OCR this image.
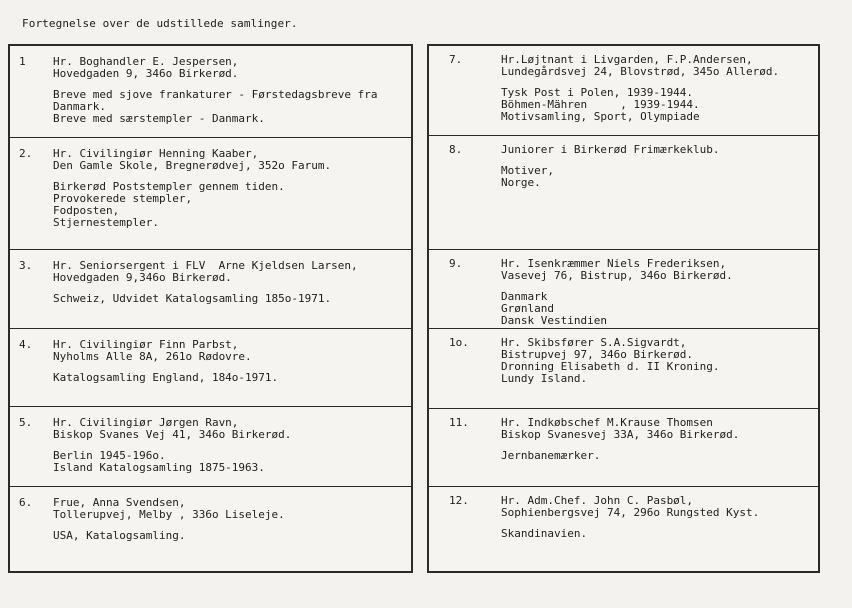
Fortegnelse over de udstillede samlinger.
1 Hr. Boghandler E. Jespersen,
Hovedgaden 9, 346o Birkerød.
Breve med sjove frankaturer - Førstedagsbreve fra
Danmark.
Breve med særstempler - Danmark.
2. Hr. Civilingiør Henning Kaaber,
Den Gamle Skole, Bregnerødvej, 352o Farum.
Birkerød Poststempler gennem tiden.
Provokerede stempler,
Fodposten,
Stjernestempler.
3. Hr. Seniorsergent i FLV  Arne Kjeldsen Larsen,
Hovedgaden 9,346o Birkerød.
Schweiz, Udvidet Katalogsamling 185o-1971.
4. Hr. Civilingiør Finn Parbst,
Nyholms Alle 8A, 261o Rødovre.
Katalogsamling England, 184o-1971.
5. Hr. Civilingiør Jørgen Ravn,
Biskop Svanes Vej 41, 346o Birkerød.
Berlin 1945-196o.
Island Katalogsamling 1875-1963.
6. Frue, Anna Svendsen,
Tollerupvej, Melby , 336o Liseleje.
USA, Katalogsamling.
7.	Hr.Løjtnant i Livgarden, F.P.Andersen,
Lundegårdsvej 24, Blovstrød, 345o Allerød.
Tysk Post i Polen, 1939-1944.
Böhmen-Mähren     , 1939-1944.
Motivsamling, Sport, Olympiade
8.	Juniorer i Birkerød Frimærkeklub.
Motiver,
Norge.
9.	Hr. Isenkræmmer Niels Frederiksen,
Vasevej 76, Bistrup, 346o Birkerød.
Danmark
Grønland
Dansk Vestindien
1o.	Hr. Skibsfører S.A.Sigvardt,
Bistrupvej 97, 346o Birkerød.
Dronning Elisabeth d. II Kroning.
Lundy Island.
11.	Hr. Indkøbschef M.Krause Thomsen
Biskop Svanesvej 33A, 346o Birkerød.
Jernbanemærker.
12.	Hr. Adm.Chef. John C. Pasbøl,
Sophienbergsvej 74, 296o Rungsted Kyst.
Skandinavien.
